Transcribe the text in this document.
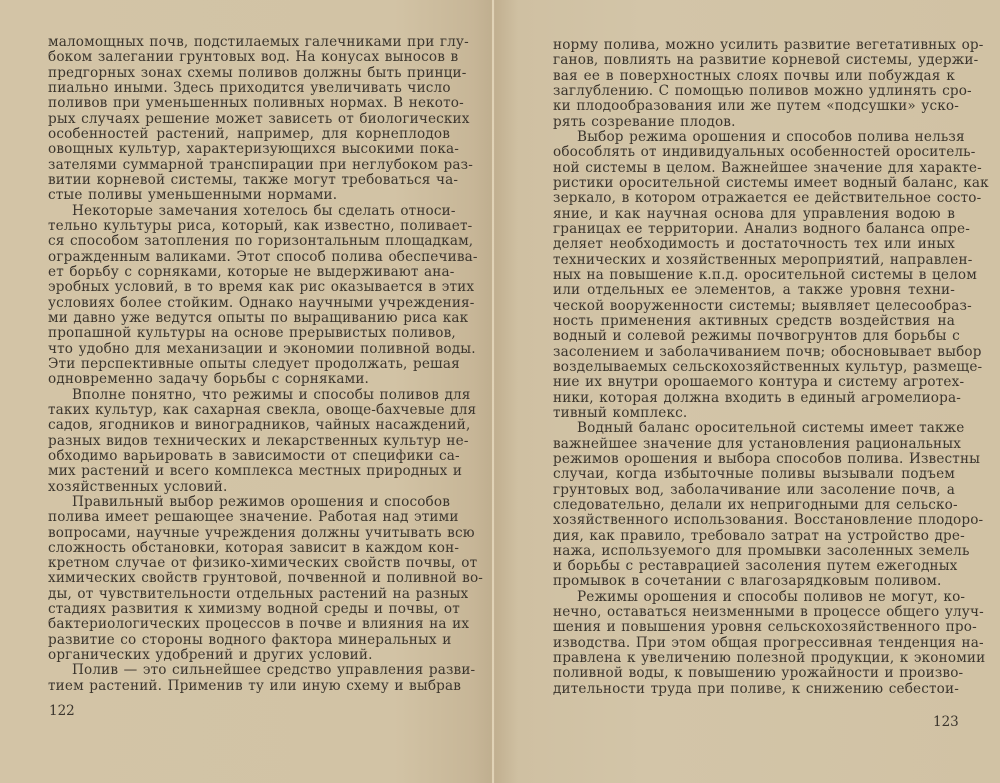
маломощных почв, подстилаемых галечниками при глу-
боком залегании грунтовых вод. На конусах выносов в
предгорных зонах схемы поливов должны быть принци-
пиально иными. Здесь приходится увеличивать число
поливов при уменьшенных поливных нормах. В некото-
рых случаях решение может зависеть от биологических
особенностей растений, например, для корнеплодов
овощных культур, характеризующихся высокими пока-
зателями суммарной транспирации при неглубоком раз-
витии корневой системы, также могут требоваться ча-
стые поливы уменьшенными нормами.
Некоторые замечания хотелось бы сделать относи-
тельно культуры риса, который, как известно, поливает-
ся способом затопления по горизонтальным площадкам,
огражденным валиками. Этот способ полива обеспечива-
ет борьбу с сорняками, которые не выдерживают ана-
эробных условий, в то время как рис оказывается в этих
условиях более стойким. Однако научными учреждения-
ми давно уже ведутся опыты по выращиванию риса как
пропашной культуры на основе прерывистых поливов,
что удобно для механизации и экономии поливной воды.
Эти перспективные опыты следует продолжать, решая
одновременно задачу борьбы с сорняками.
Вполне понятно, что режимы и способы поливов для
таких культур, как сахарная свекла, овоще-бахчевые для
садов, ягодников и виноградников, чайных насаждений,
разных видов технических и лекарственных культур не-
обходимо варьировать в зависимости от специфики са-
мих растений и всего комплекса местных природных и
хозяйственных условий.
Правильный выбор режимов орошения и способов
полива имеет решающее значение. Работая над этими
вопросами, научные учреждения должны учитывать всю
сложность обстановки, которая зависит в каждом кон-
кретном случае от физико-химических свойств почвы, от
химических свойств грунтовой, почвенной и поливной во-
ды, от чувствительности отдельных растений на разных
стадиях развития к химизму водной среды и почвы, от
бактериологических процессов в почве и влияния на их
развитие со стороны водного фактора минеральных и
органических удобрений и других условий.
Полив — это сильнейшее средство управления разви-
тием растений. Применив ту или иную схему и выбрав
122
норму полива, можно усилить развитие вегетативных ор-
ганов, повлиять на развитие корневой системы, удержи-
вая ее в поверхностных слоях почвы или побуждая к
заглублению. С помощью поливов можно удлинять сро-
ки плодообразования или же путем «подсушки» уско-
рять созревание плодов.
Выбор режима орошения и способов полива нельзя
обособлять от индивидуальных особенностей ороситель-
ной системы в целом. Важнейшее значение для характе-
ристики оросительной системы имеет водный баланс, как
зеркало, в котором отражается ее действительное состо-
яние, и как научная основа для управления водою в
границах ее территории. Анализ водного баланса опре-
деляет необходимость и достаточность тех или иных
технических и хозяйственных мероприятий, направлен-
ных на повышение к.п.д. оросительной системы в целом
или отдельных ее элементов, а также уровня техни-
ческой вооруженности системы; выявляет целесообраз-
ность применения активных средств воздействия на
водный и солевой режимы почвогрунтов для борьбы с
засолением и заболачиванием почв; обосновывает выбор
возделываемых сельскохозяйственных культур, размеще-
ние их внутри орошаемого контура и систему агротех-
ники, которая должна входить в единый агромелиора-
тивный комплекс.
Водный баланс оросительной системы имеет также
важнейшее значение для установления рациональных
режимов орошения и выбора способов полива. Известны
случаи, когда избыточные поливы вызывали подъем
грунтовых вод, заболачивание или засоление почв, а
следовательно, делали их непригодными для сельско-
хозяйственного использования. Восстановление плодоро-
дия, как правило, требовало затрат на устройство дре-
нажа, используемого для промывки засоленных земель
и борьбы с реставрацией засоления путем ежегодных
промывок в сочетании с влагозарядковым поливом.
Режимы орошения и способы поливов не могут, ко-
нечно, оставаться неизменными в процессе общего улуч-
шения и повышения уровня сельскохозяйственного про-
изводства. При этом общая прогрессивная тенденция на-
правлена к увеличению полезной продукции, к экономии
поливной воды, к повышению урожайности и произво-
дительности труда при поливе, к снижению себестои-
123
